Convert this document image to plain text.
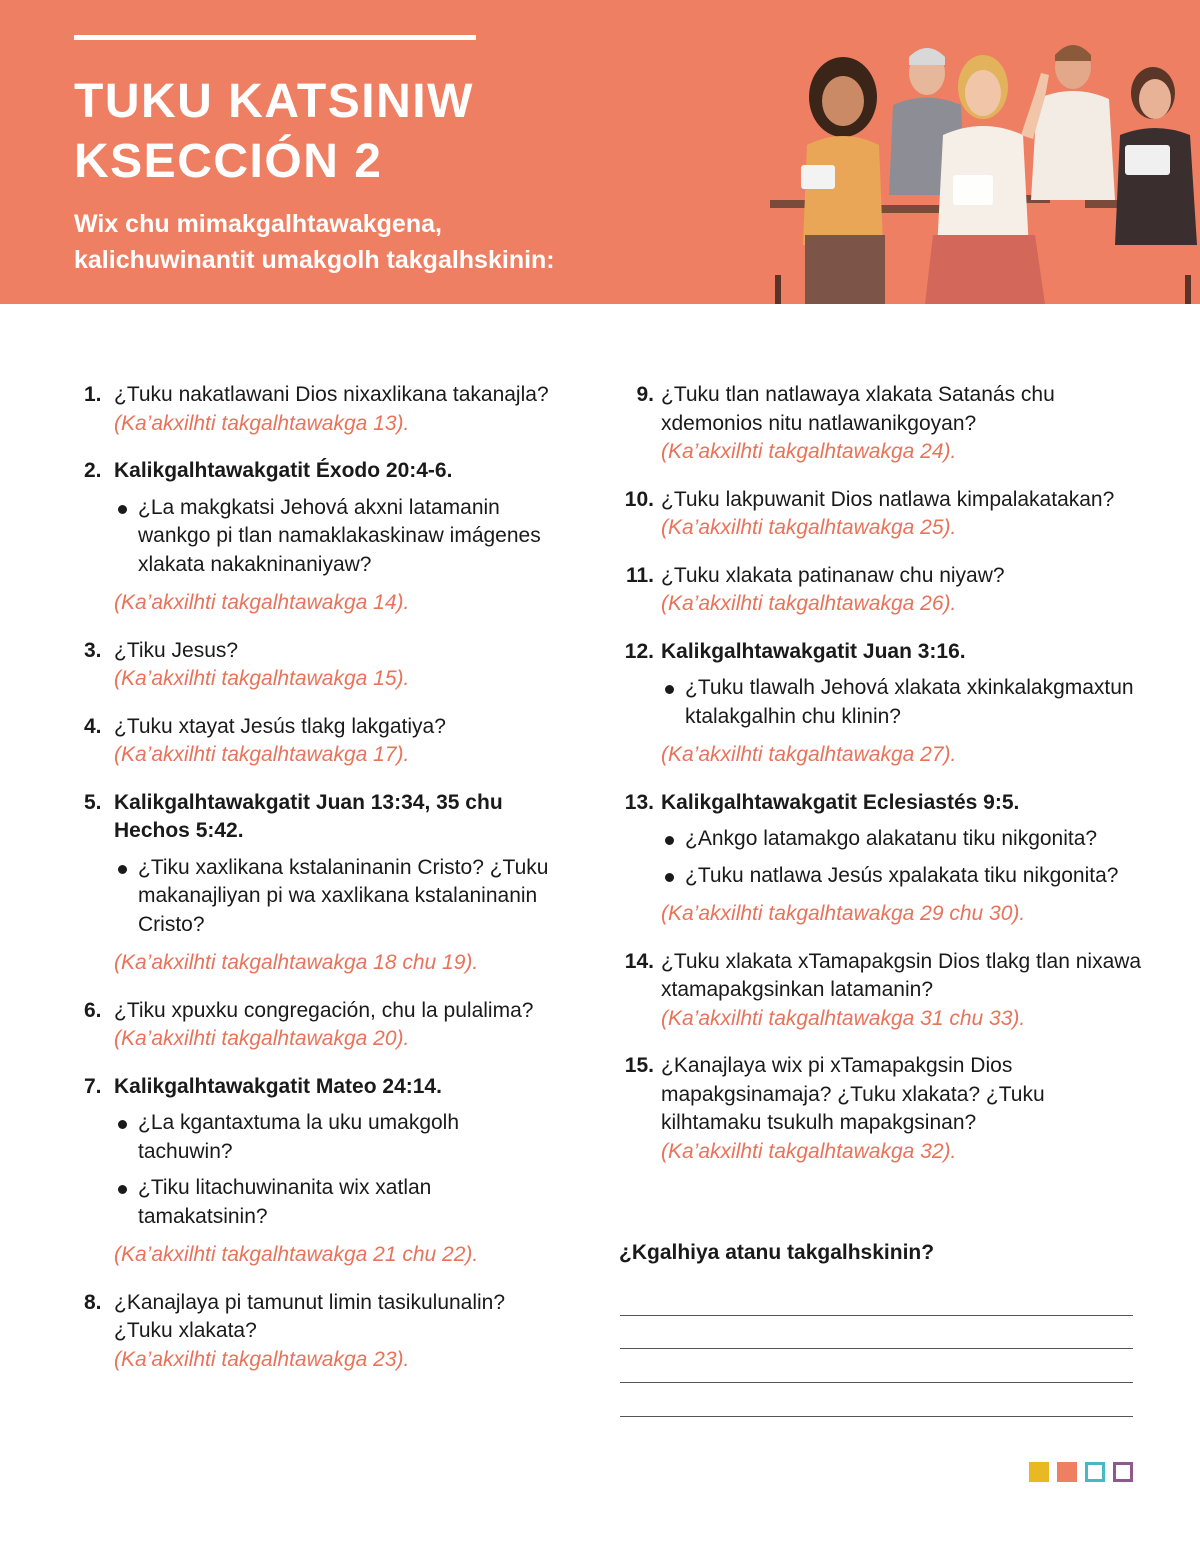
TUKU KATSINIW
KSECCIÓN 2

Wix chu mimakgalhtawakgena,
kalichuwinantit umakgolh takgalhskinin:

1. ¿Tuku nakatlawani Dios nixaxlikana takanajla?
(Ka’akxilhti takgalhtawakga 13).
2. Kalikgalhtawakgatit Éxodo 20:4-6.
¿La makgkatsi Jehová akxni latamanin wankgo pi tlan namaklakaskinaw imágenes xlakata nakakninaniyaw?
(Ka’akxilhti takgalhtawakga 14).
3. ¿Tiku Jesus?
(Ka’akxilhti takgalhtawakga 15).
4. ¿Tuku xtayat Jesús tlakg lakgatiya?
(Ka’akxilhti takgalhtawakga 17).
5. Kalikgalhtawakgatit Juan 13:34, 35 chu Hechos 5:42.
¿Tiku xaxlikana kstalaninanin Cristo? ¿Tuku makanajliyan pi wa xaxlikana kstalaninanin Cristo?
(Ka’akxilhti takgalhtawakga 18 chu 19).
6. ¿Tiku xpuxku congregación, chu la pulalima?
(Ka’akxilhti takgalhtawakga 20).
7. Kalikgalhtawakgatit Mateo 24:14.
¿La kgantaxtuma la uku umakgolh tachuwin?
¿Tiku litachuwinanita wix xatlan tamakatsinin?
(Ka’akxilhti takgalhtawakga 21 chu 22).
8. ¿Kanajlaya pi tamunut limin tasikulunalin? ¿Tuku xlakata?
(Ka’akxilhti takgalhtawakga 23).
9. ¿Tuku tlan natlawaya xlakata Satanás chu xdemonios nitu natlawanikgoyan?
(Ka’akxilhti takgalhtawakga 24).
10. ¿Tuku lakpuwanit Dios natlawa kimpalakatakan?
(Ka’akxilhti takgalhtawakga 25).
11. ¿Tuku xlakata patinanaw chu niyaw?
(Ka’akxilhti takgalhtawakga 26).
12. Kalikgalhtawakgatit Juan 3:16.
¿Tuku tlawalh Jehová xlakata xkinkalakgmaxtun ktalakgalhin chu klinin?
(Ka’akxilhti takgalhtawakga 27).
13. Kalikgalhtawakgatit Eclesiastés 9:5.
¿Ankgo latamakgo alakatanu tiku nikgonita?
¿Tuku natlawa Jesús xpalakata tiku nikgonita?
(Ka’akxilhti takgalhtawakga 29 chu 30).
14. ¿Tuku xlakata xTamapakgsin Dios tlakg tlan nixawa xtamapakgsinkan latamanin?
(Ka’akxilhti takgalhtawakga 31 chu 33).
15. ¿Kanajlaya wix pi xTamapakgsin Dios mapakgsinamaja? ¿Tuku xlakata? ¿Tuku kilhtamaku tsukulh mapakgsinan?
(Ka’akxilhti takgalhtawakga 32).

¿Kgalhiya atanu takgalhskinin?
